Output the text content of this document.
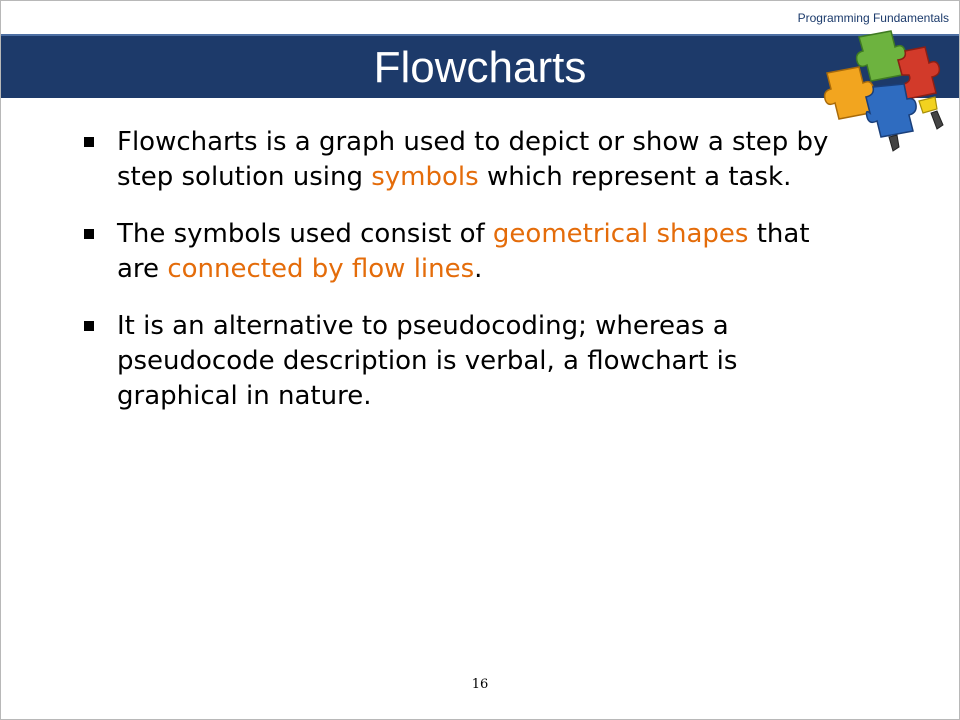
Programming Fundamentals
Flowcharts
Flowcharts is a graph used to depict or show a step by step solution using symbols which represent a task.
The symbols used consist of geometrical shapes that are connected by flow lines.
It is an alternative to pseudocoding; whereas a pseudocode description is verbal, a flowchart is graphical in nature.
16
